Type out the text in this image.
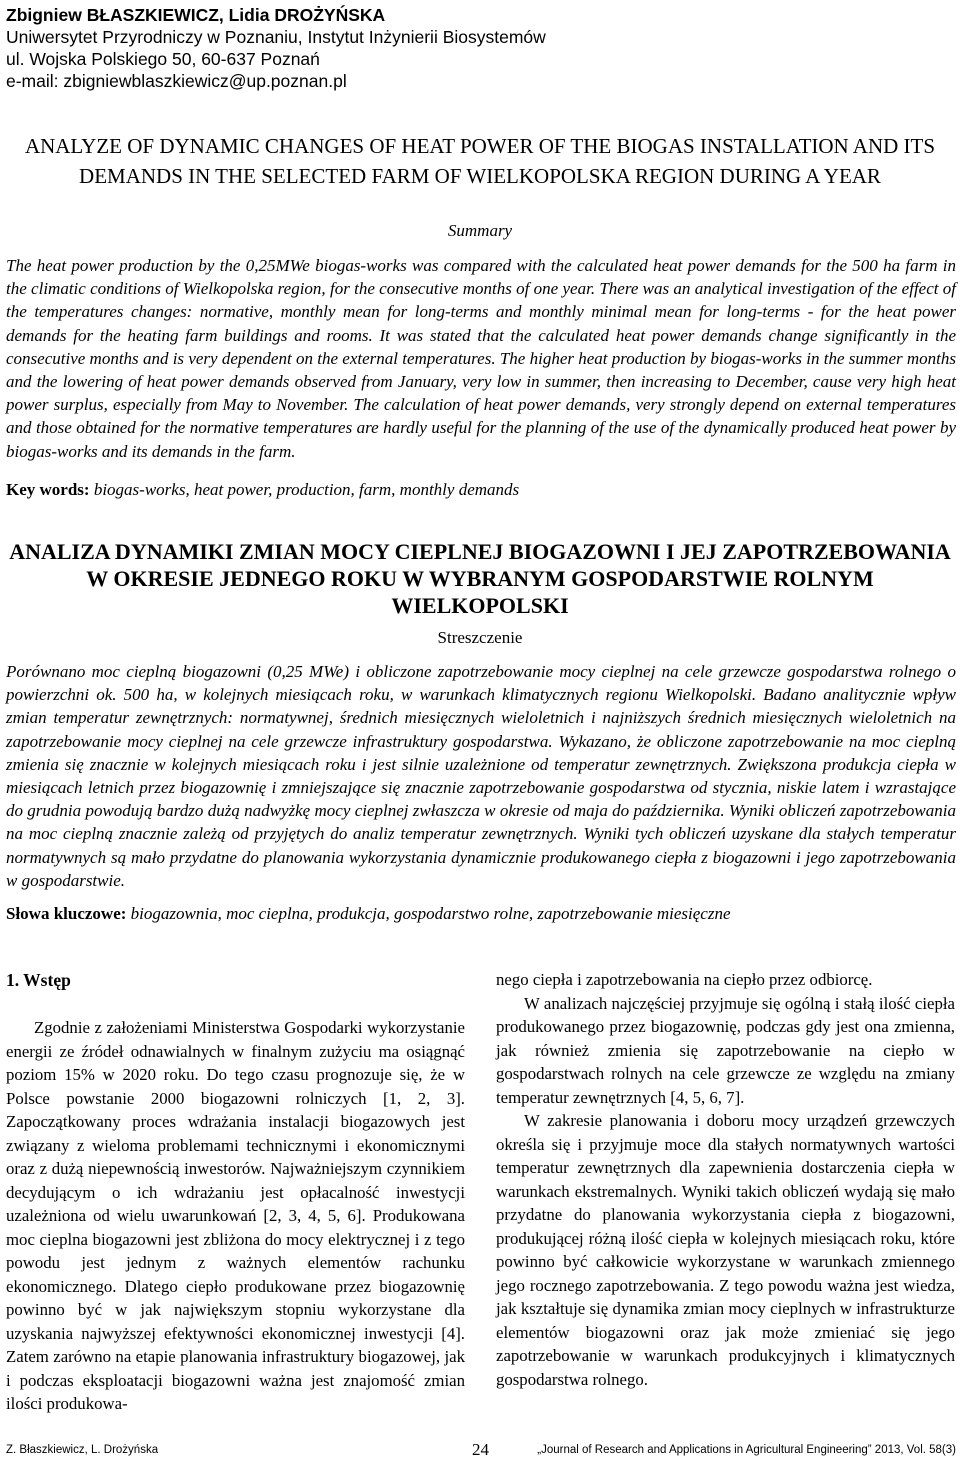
Zbigniew BŁASZKIEWICZ, Lidia DROŻYŃSKA
Uniwersytet Przyrodniczy w Poznaniu, Instytut Inżynierii Biosystemów
ul. Wojska Polskiego 50, 60-637 Poznań
e-mail: zbigniewblaszkiewicz@up.poznan.pl
ANALYZE OF DYNAMIC CHANGES OF HEAT POWER OF THE BIOGAS INSTALLATION AND ITS DEMANDS IN THE SELECTED FARM OF WIELKOPOLSKA REGION DURING A YEAR
Summary
The heat power production by the 0,25MWe biogas-works was compared with the calculated heat power demands for the 500 ha farm in the climatic conditions of Wielkopolska region, for the consecutive months of one year. There was an analytical investigation of the effect of the temperatures changes: normative, monthly mean for long-terms and monthly minimal mean for long-terms - for the heat power demands for the heating farm buildings and rooms. It was stated that the calculated heat power demands change significantly in the consecutive months and is very dependent on the external temperatures. The higher heat production by biogas-works in the summer months and the lowering of heat power demands observed from January, very low in summer, then increasing to December, cause very high heat power surplus, especially from May to November. The calculation of heat power demands, very strongly depend on external temperatures and those obtained for the normative temperatures are hardly useful for the planning of the use of the dynamically produced heat power by biogas-works and its demands in the farm.
Key words: biogas-works, heat power, production, farm, monthly demands
ANALIZA DYNAMIKI ZMIAN MOCY CIEPLNEJ BIOGAZOWNI I JEJ ZAPOTRZEBOWANIA W OKRESIE JEDNEGO ROKU W WYBRANYM GOSPODARSTWIE ROLNYM WIELKOPOLSKI
Streszczenie
Porównano moc cieplną biogazowni (0,25 MWe) i obliczone zapotrzebowanie mocy cieplnej na cele grzewcze gospodarstwa rolnego o powierzchni ok. 500 ha, w kolejnych miesiącach roku, w warunkach klimatycznych regionu Wielkopolski. Badano analitycznie wpływ zmian temperatur zewnętrznych: normatywnej, średnich miesięcznych wieloletnich i najniższych średnich miesięcznych wieloletnich na zapotrzebowanie mocy cieplnej na cele grzewcze infrastruktury gospodarstwa. Wykazano, że obliczone zapotrzebowanie na moc cieplną zmienia się znacznie w kolejnych miesiącach roku i jest silnie uzależnione od temperatur zewnętrznych. Zwiększona produkcja ciepła w miesiącach letnich przez biogazownię i zmniejszające się znacznie zapotrzebowanie gospodarstwa od stycznia, niskie latem i wzrastające do grudnia powodują bardzo dużą nadwyżkę mocy cieplnej zwłaszcza w okresie od maja do października. Wyniki obliczeń zapotrzebowania na moc cieplną znacznie zależą od przyjętych do analiz temperatur zewnętrznych. Wyniki tych obliczeń uzyskane dla stałych temperatur normatywnych są mało przydatne do planowania wykorzystania dynamicznie produkowanego ciepła z biogazowni i jego zapotrzebowania w gospodarstwie.
Słowa kluczowe: biogazownia, moc cieplna, produkcja, gospodarstwo rolne, zapotrzebowanie miesięczne
1. Wstęp

Zgodnie z założeniami Ministerstwa Gospodarki wykorzystanie energii ze źródeł odnawialnych w finalnym zużyciu ma osiągnąć poziom 15% w 2020 roku. Do tego czasu prognozuje się, że w Polsce powstanie 2000 biogazowni rolniczych [1, 2, 3]. Zapoczątkowany proces wdrażania instalacji biogazowych jest związany z wieloma problemami technicznymi i ekonomicznymi oraz z dużą niepewnością inwestorów. Najważniejszym czynnikiem decydującym o ich wdrażaniu jest opłacalność inwestycji uzależniona od wielu uwarunkowań [2, 3, 4, 5, 6]. Produkowana moc cieplna biogazowni jest zbliżona do mocy elektrycznej i z tego powodu jest jednym z ważnych elementów rachunku ekonomicznego. Dlatego ciepło produkowane przez biogazownię powinno być w jak największym stopniu wykorzystane dla uzyskania najwyższej efektywności ekonomicznej inwestycji [4]. Zatem zarówno na etapie planowania infrastruktury biogazowej, jak i podczas eksploatacji biogazowni ważna jest znajomość zmian ilości produkowa-

nego ciepła i zapotrzebowania na ciepło przez odbiorcę.

W analizach najczęściej przyjmuje się ogólną i stałą ilość ciepła produkowanego przez biogazownię, podczas gdy jest ona zmienna, jak również zmienia się zapotrzebowanie na ciepło w gospodarstwach rolnych na cele grzewcze ze względu na zmiany temperatur zewnętrznych [4, 5, 6, 7].

W zakresie planowania i doboru mocy urządzeń grzewczych określa się i przyjmuje moce dla stałych normatywnych wartości temperatur zewnętrznych dla zapewnienia dostarczenia ciepła w warunkach ekstremalnych. Wyniki takich obliczeń wydają się mało przydatne do planowania wykorzystania ciepła z biogazowni, produkującej różną ilość ciepła w kolejnych miesiącach roku, które powinno być całkowicie wykorzystane w warunkach zmiennego jego rocznego zapotrzebowania. Z tego powodu ważna jest wiedza, jak kształtuje się dynamika zmian mocy cieplnych w infrastrukturze elementów biogazowni oraz jak może zmieniać się jego zapotrzebowanie w warunkach produkcyjnych i klimatycznych gospodarstwa rolnego.

Z. Błaszkiewicz, L. Drożyńska	24	„Journal of Research and Applications in Agricultural Engineering” 2013, Vol. 58(3)
